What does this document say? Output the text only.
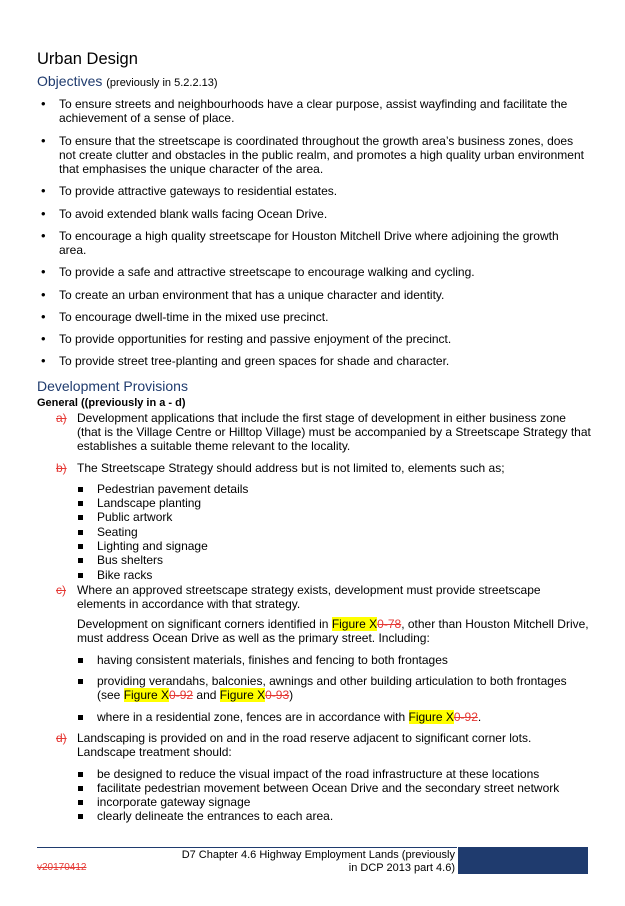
Urban Design
Objectives (previously in 5.2.2.13)
• To ensure streets and neighbourhoods have a clear purpose, assist wayfinding and facilitate the achievement of a sense of place.
• To ensure that the streetscape is coordinated throughout the growth area’s business zones, does not create clutter and obstacles in the public realm, and promotes a high quality urban environment that emphasises the unique character of the area.
• To provide attractive gateways to residential estates.
• To avoid extended blank walls facing Ocean Drive.
• To encourage a high quality streetscape for Houston Mitchell Drive where adjoining the growth area.
• To provide a safe and attractive streetscape to encourage walking and cycling.
• To create an urban environment that has a unique character and identity.
• To encourage dwell-time in the mixed use precinct.
• To provide opportunities for resting and passive enjoyment of the precinct.
• To provide street tree-planting and green spaces for shade and character.
Development Provisions
General ((previously in a - d)
a) Development applications that include the first stage of development in either business zone (that is the Village Centre or Hilltop Village) must be accompanied by a Streetscape Strategy that establishes a suitable theme relevant to the locality.
b) The Streetscape Strategy should address but is not limited to, elements such as;
Pedestrian pavement details
Landscape planting
Public artwork
Seating
Lighting and signage
Bus shelters
Bike racks
c) Where an approved streetscape strategy exists, development must provide streetscape elements in accordance with that strategy.
Development on significant corners identified in Figure X0-78, other than Houston Mitchell Drive, must address Ocean Drive as well as the primary street. Including:
having consistent materials, finishes and fencing to both frontages
providing verandahs, balconies, awnings and other building articulation to both frontages (see Figure X0-92 and Figure X0-93)
where in a residential zone, fences are in accordance with Figure X0-92.
d) Landscaping is provided on and in the road reserve adjacent to significant corner lots. Landscape treatment should:
be designed to reduce the visual impact of the road infrastructure at these locations
facilitate pedestrian movement between Ocean Drive and the secondary street network
incorporate gateway signage
clearly delineate the entrances to each area.
D7 Chapter 4.6 Highway Employment Lands (previously
in DCP 2013 part 4.6)
v20170412
